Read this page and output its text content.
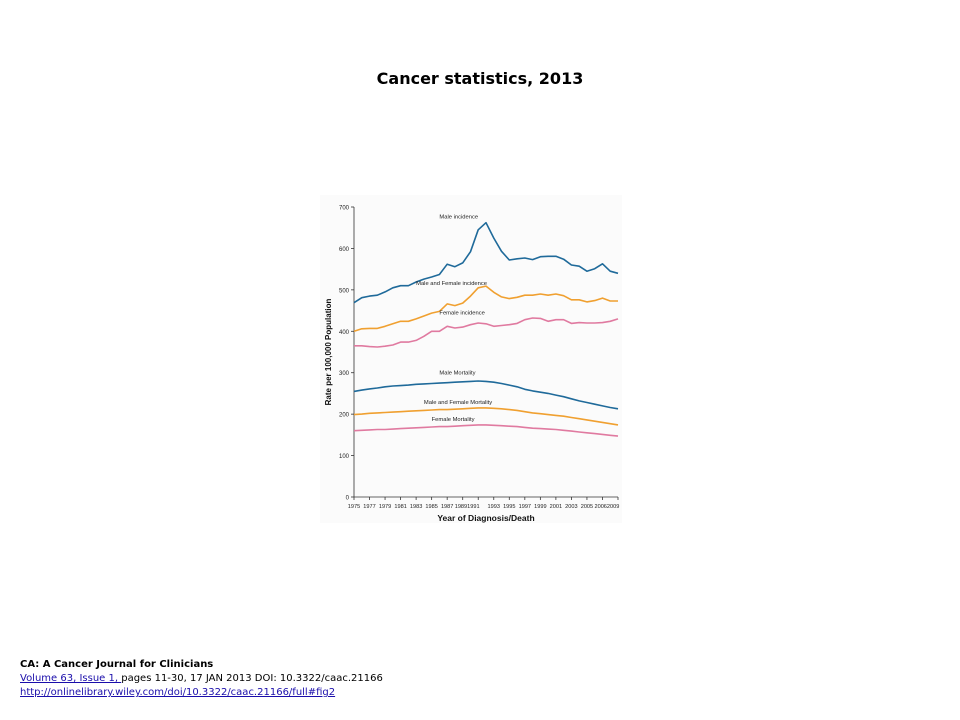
Cancer statistics, 2013
0
100
200
300
400
500
600
700
1975 1977 1979 1981 1983 1985 1987 19891991 1993 1995 1997 1999 2001 2003 2005 20062009
Year of Diagnosis/Death
Rate per 100,000 Population
Male incidence
Male and Female incidence
Female incidence
Male Mortality
Male and Female Mortality
Female Mortality
CA: A Cancer Journal for Clinicians
Volume 63, Issue 1, pages 11-30, 17 JAN 2013 DOI: 10.3322/caac.21166
http://onlinelibrary.wiley.com/doi/10.3322/caac.21166/full#fig2
